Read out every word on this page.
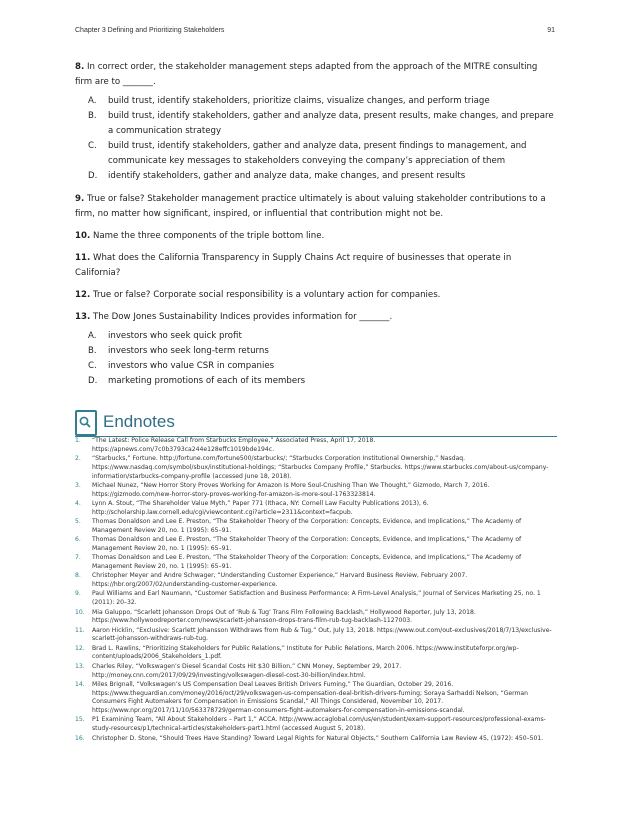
Chapter 3 Defining and Prioritizing Stakeholders	91

8. In correct order, the stakeholder management steps adapted from the approach of the MITRE consulting firm are to _______.

A. build trust, identify stakeholders, prioritize claims, visualize changes, and perform triage
B. build trust, identify stakeholders, gather and analyze data, present results, make changes, and prepare a communication strategy
C. build trust, identify stakeholders, gather and analyze data, present findings to management, and communicate key messages to stakeholders conveying the company’s appreciation of them
D. identify stakeholders, gather and analyze data, make changes, and present results

9. True or false? Stakeholder management practice ultimately is about valuing stakeholder contributions to a firm, no matter how significant, inspired, or influential that contribution might not be.

10. Name the three components of the triple bottom line.

11. What does the California Transparency in Supply Chains Act require of businesses that operate in California?

12. True or false? Corporate social responsibility is a voluntary action for companies.

13. The Dow Jones Sustainability Indices provides information for _______.

A. investors who seek quick profit
B. investors who seek long-term returns
C. investors who value CSR in companies
D. marketing promotions of each of its members
Endnotes
1. “The Latest: Police Release Call from Starbucks Employee,” Associated Press, April 17, 2018. https://apnews.com/7c0b3793ca244e128effc1019bde194c.
2. “Starbucks,” Fortune. http://fortune.com/fortune500/starbucks/; “Starbucks Corporation Institutional Ownership,” Nasdaq. https://www.nasdaq.com/symbol/sbux/institutional-holdings; “Starbucks Company Profile,” Starbucks. https://www.starbucks.com/about-us/company-information/starbucks-company-profile (accessed June 18, 2018).
3. Michael Nunez, “New Horror Story Proves Working for Amazon Is More Soul-Crushing Than We Thought,” Gizmodo, March 7, 2016. https://gizmodo.com/new-horror-story-proves-working-for-amazon-is-more-soul-1763323814.
4. Lynn A. Stout, “The Shareholder Value Myth,” Paper 771 (Ithaca, NY: Cornell Law Faculty Publications 2013), 6. http://scholarship.law.cornell.edu/cgi/viewcontent.cgi?article=2311&context=facpub.
5. Thomas Donaldson and Lee E. Preston, “The Stakeholder Theory of the Corporation: Concepts, Evidence, and Implications,” The Academy of Management Review 20, no. 1 (1995): 65–91.
6. Thomas Donaldson and Lee E. Preston, “The Stakeholder Theory of the Corporation: Concepts, Evidence, and Implications,” The Academy of Management Review 20, no. 1 (1995): 65–91.
7. Thomas Donaldson and Lee E. Preston, “The Stakeholder Theory of the Corporation: Concepts, Evidence, and Implications,” The Academy of Management Review 20, no. 1 (1995): 65–91.
8. Christopher Meyer and Andre Schwager, “Understanding Customer Experience,” Harvard Business Review, February 2007. https://hbr.org/2007/02/understanding-customer-experience.
9. Paul Williams and Earl Naumann, “Customer Satisfaction and Business Performance: A Firm-Level Analysis,” Journal of Services Marketing 25, no. 1 (2011): 20–32.
10. Mia Galuppo, “Scarlett Johansson Drops Out of ‘Rub & Tug’ Trans Film Following Backlash,” Hollywood Reporter, July 13, 2018. https://www.hollywoodreporter.com/news/scarlett-johansson-drops-trans-film-rub-tug-backlash-1127003.
11. Aaron Hicklin, “Exclusive: Scarlett Johansson Withdraws from Rub & Tug,” Out, July 13, 2018. https://www.out.com/out-exclusives/2018/7/13/exclusive-scarlett-johansson-withdraws-rub-tug.
12. Brad L. Rawlins, “Prioritizing Stakeholders for Public Relations,” Institute for Public Relations, March 2006. https://www.instituteforpr.org/wp-content/uploads/2006_Stakeholders_1.pdf.
13. Charles Riley, “Volkswagen’s Diesel Scandal Costs Hit $30 Billion,” CNN Money, September 29, 2017. http://money.cnn.com/2017/09/29/investing/volkswagen-diesel-cost-30-billion/index.html.
14. Miles Brignall, “Volkswagen’s US Compensation Deal Leaves British Drivers Fuming,” The Guardian, October 29, 2016. https://www.theguardian.com/money/2016/oct/29/volkswagen-us-compensation-deal-british-drivers-fuming; Soraya Sarhaddi Nelson, “German Consumers Fight Automakers for Compensation in Emissions Scandal,” All Things Considered, November 10, 2017. https://www.npr.org/2017/11/10/563378729/german-consumers-fight-automakers-for-compensation-in-emissions-scandal.
15. P1 Examining Team, “All About Stakeholders – Part 1,” ACCA. http://www.accaglobal.com/us/en/student/exam-support-resources/professional-exams-study-resources/p1/technical-articles/stakeholders-part1.html (accessed August 5, 2018).
16. Christopher D. Stone, “Should Trees Have Standing? Toward Legal Rights for Natural Objects,” Southern California Law Review 45, (1972): 450–501.
